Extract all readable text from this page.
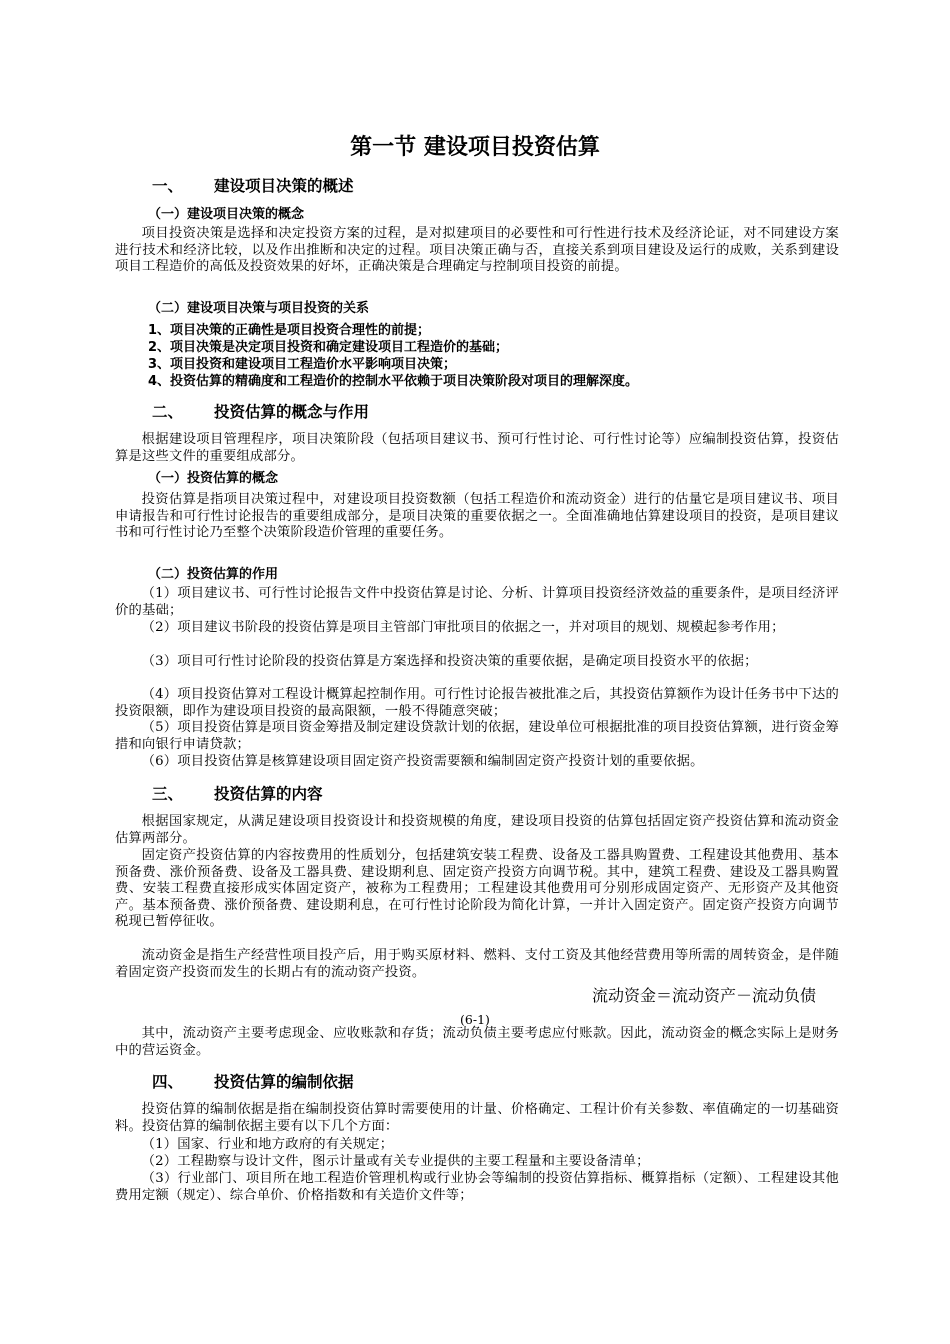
第一节 建设项目投资估算
一、 建设项目决策的概述
（一）建设项目决策的概念

项目投资决策是选择和决定投资方案的过程，是对拟建项目的必要性和可行性进行技术及经济论证，对不同建设方案进行技术和经济比较，以及作出推断和决定的过程。项目决策正确与否，直接关系到项目建设及运行的成败，关系到建设项目工程造价的高低及投资效果的好坏，正确决策是合理确定与控制项目投资的前提。

（二）建设项目决策与项目投资的关系
1、项目决策的正确性是项目投资合理性的前提；
2、项目决策是决定项目投资和确定建设项目工程造价的基础；
3、项目投资和建设项目工程造价水平影响项目决策；
4、投资估算的精确度和工程造价的控制水平依赖于项目决策阶段对项目的理解深度。
二、 投资估算的概念与作用

根据建设项目管理程序，项目决策阶段（包括项目建议书、预可行性讨论、可行性讨论等）应编制投资估算，投资估算是这些文件的重要组成部分。

（一）投资估算的概念

投资估算是指项目决策过程中，对建设项目投资数额（包括工程造价和流动资金）进行的估量它是项目建议书、项目申请报告和可行性讨论报告的重要组成部分，是项目决策的重要依据之一。全面准确地估算建设项目的投资，是项目建议书和可行性讨论乃至整个决策阶段造价管理的重要任务。

（二）投资估算的作用

（1）项目建议书、可行性讨论报告文件中投资估算是讨论、分析、计算项目投资经济效益的重要条件，是项目经济评价的基础；

（2）项目建议书阶段的投资估算是项目主管部门审批项目的依据之一，并对项目的规划、规模起参考作用；

（3）项目可行性讨论阶段的投资估算是方案选择和投资决策的重要依据，是确定项目投资水平的依据；

（4）项目投资估算对工程设计概算起控制作用。可行性讨论报告被批准之后，其投资估算额作为设计任务书中下达的投资限额，即作为建设项目投资的最高限额，一般不得随意突破；

（5）项目投资估算是项目资金筹措及制定建设贷款计划的依据，建设单位可根据批准的项目投资估算额，进行资金筹措和向银行申请贷款；

（6）项目投资估算是核算建设项目固定资产投资需要额和编制固定资产投资计划的重要依据。

三、 投资估算的内容

根据国家规定，从满足建设项目投资设计和投资规模的角度，建设项目投资的估算包括固定资产投资估算和流动资金估算两部分。

固定资产投资估算的内容按费用的性质划分，包括建筑安装工程费、设备及工器具购置费、工程建设其他费用、基本预备费、涨价预备费、设备及工器具费、建设期利息、固定资产投资方向调节税。其中，建筑工程费、建设及工器具购置费、安装工程费直接形成实体固定资产，被称为工程费用；工程建设其他费用可分别形成固定资产、无形资产及其他资产。基本预备费、涨价预备费、建设期利息，在可行性讨论阶段为简化计算，一并计入固定资产。固定资产投资方向调节税现已暂停征收。

流动资金是指生产经营性项目投产后，用于购买原材料、燃料、支付工资及其他经营费用等所需的周转资金，是伴随着固定资产投资而发生的长期占有的流动资产投资。

流动资金＝流动资产－流动负债
(6-1)

其中，流动资产主要考虑现金、应收账款和存货；流动负债主要考虑应付账款。因此，流动资金的概念实际上是财务中的营运资金。

四、 投资估算的编制依据

投资估算的编制依据是指在编制投资估算时需要使用的计量、价格确定、工程计价有关参数、率值确定的一切基础资料。投资估算的编制依据主要有以下几个方面：

（1）国家、行业和地方政府的有关规定；

（2）工程勘察与设计文件，图示计量或有关专业提供的主要工程量和主要设备清单；

（3）行业部门、项目所在地工程造价管理机构或行业协会等编制的投资估算指标、概算指标（定额）、工程建设其他费用定额（规定）、综合单价、价格指数和有关造价文件等；
